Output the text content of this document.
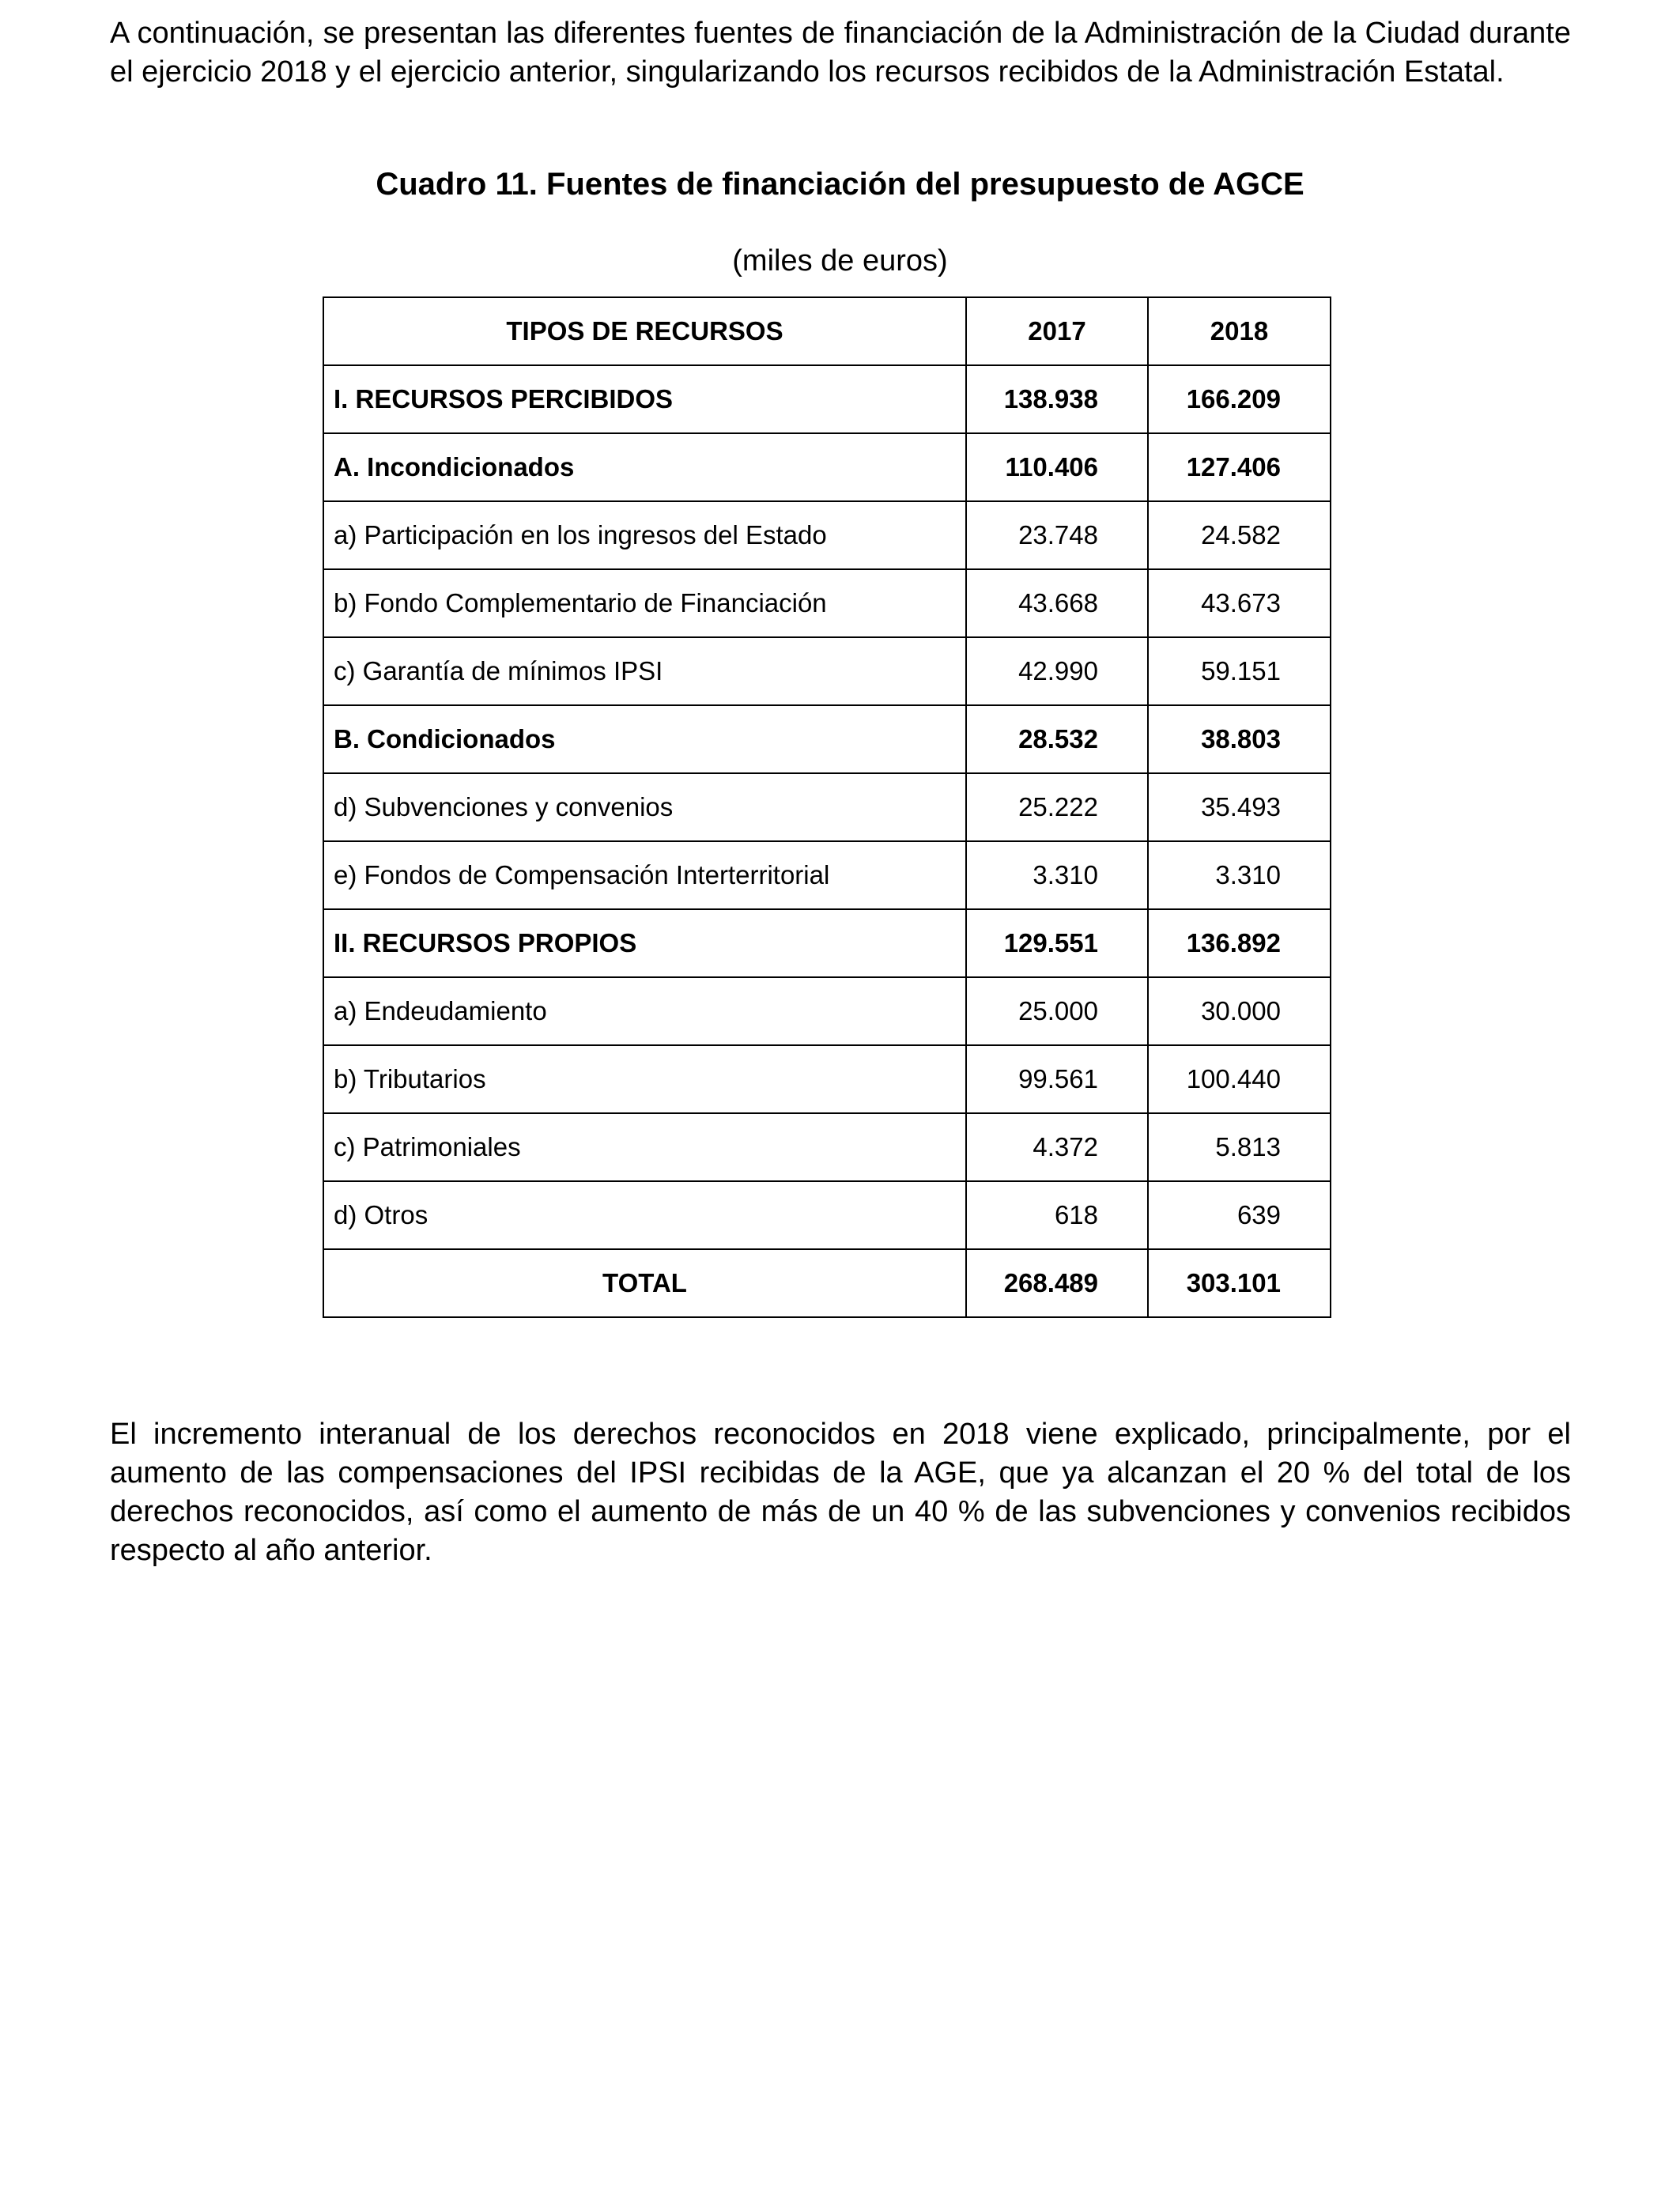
A continuación, se presentan las diferentes fuentes de financiación de la Administración de la Ciudad durante el ejercicio 2018 y el ejercicio anterior, singularizando los recursos recibidos de la Administración Estatal.

Cuadro 11. Fuentes de financiación del presupuesto de AGCE

(miles de euros)

TIPOS DE RECURSOS	2017	2018
I. RECURSOS PERCIBIDOS	138.938	166.209
A. Incondicionados	110.406	127.406
a) Participación en los ingresos del Estado	23.748	24.582
b) Fondo Complementario de Financiación	43.668	43.673
c) Garantía de mínimos IPSI	42.990	59.151
B. Condicionados	28.532	38.803
d) Subvenciones y convenios	25.222	35.493
e) Fondos de Compensación Interterritorial	3.310	3.310
II. RECURSOS PROPIOS	129.551	136.892
a) Endeudamiento	25.000	30.000
b) Tributarios	99.561	100.440
c) Patrimoniales	4.372	5.813
d) Otros	618	639
TOTAL	268.489	303.101

El incremento interanual de los derechos reconocidos en 2018 viene explicado, principalmente, por el aumento de las compensaciones del IPSI recibidas de la AGE, que ya alcanzan el 20 % del total de los derechos reconocidos, así como el aumento de más de un 40 % de las subvenciones y convenios recibidos respecto al año anterior.
